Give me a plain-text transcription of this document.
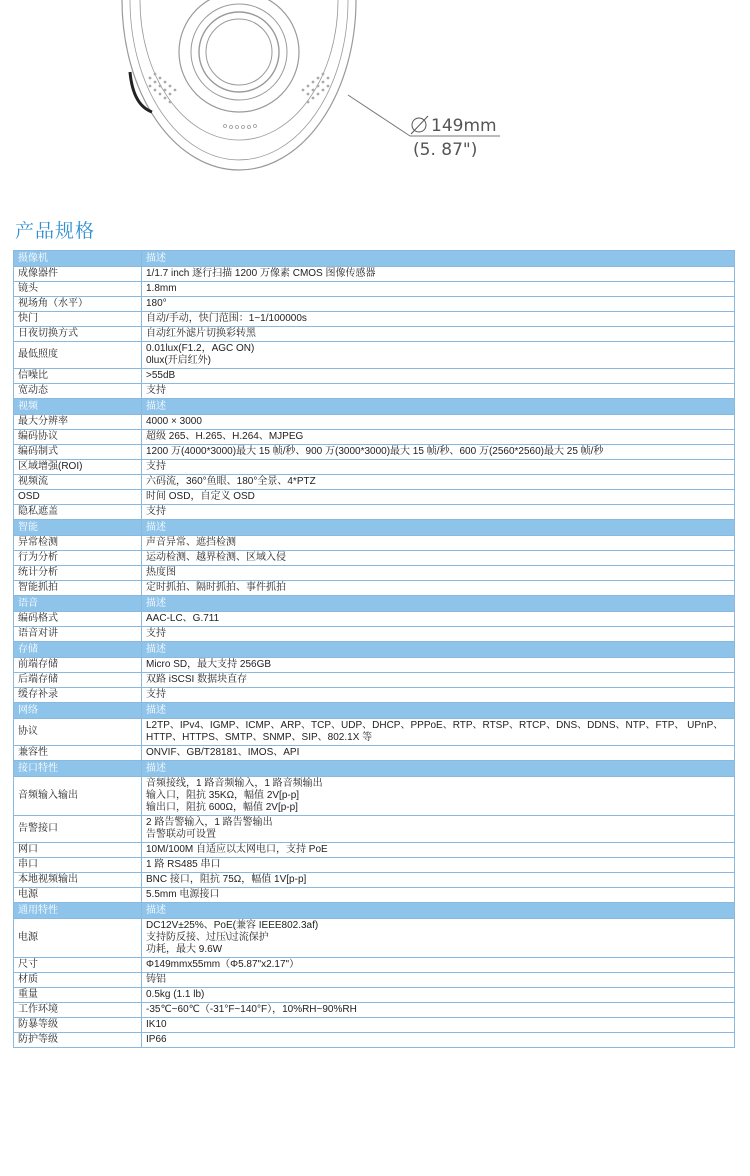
149mm
(5. 87")
产品规格
摄像机	描述
成像器件	1/1.7 inch 逐行扫描 1200 万像素 CMOS 图像传感器

镜头	1.8mm

视场角（水平）	180°

快门	自动/手动，快门范围：1~1/100000s

日夜切换方式	自动红外滤片切换彩转黑

最低照度	0.01lux(F1.2，AGC ON)
0lux(开启红外)

信噪比	>55dB

宽动态	支持

视频	描述
最大分辨率	4000 × 3000

编码协议	超级 265、H.265、H.264、MJPEG

编码制式	1200 万(4000*3000)最大 15 帧/秒、900 万(3000*3000)最大 15 帧/秒、600 万(2560*2560)最大 25 帧/秒

区域增强(ROI)	支持

视频流	六码流，360°鱼眼、180°全景、4*PTZ

OSD	时间 OSD，自定义 OSD

隐私遮盖	支持

智能	描述
异常检测	声音异常、遮挡检测

行为分析	运动检测、越界检测、区域入侵

统计分析	热度图

智能抓拍	定时抓拍、隔时抓拍、事件抓拍

语音	描述
编码格式	AAC-LC、G.711

语音对讲	支持

存储	描述
前端存储	Micro SD，最大支持 256GB

后端存储	双路 iSCSI 数据块直存

缓存补录	支持

网络	描述
协议	L2TP、IPv4、IGMP、ICMP、ARP、TCP、UDP、DHCP、PPPoE、RTP、RTSP、RTCP、DNS、DDNS、NTP、FTP、 UPnP、HTTP、HTTPS、SMTP、SNMP、SIP、802.1X 等

兼容性	ONVIF、GB/T28181、IMOS、API

接口特性	描述
音频输入输出	音频接线，1 路音频输入，1 路音频输出
输入口，阻抗 35KΩ，幅值 2V[p-p]
输出口，阻抗 600Ω，幅值 2V[p-p]

告警接口	2 路告警输入，1 路告警输出
告警联动可设置

网口	10M/100M 自适应以太网电口，支持 PoE

串口	1 路 RS485 串口

本地视频输出	BNC 接口，阻抗 75Ω，幅值 1V[p-p]

电源	5.5mm 电源接口

通用特性	描述
电源	DC12V±25%、PoE(兼容 IEEE802.3af)
支持防反接、过压\过流保护
功耗，最大 9.6W

尺寸	Φ149mmx55mm（Φ5.87"x2.17"）

材质	铸铝

重量	0.5kg (1.1 lb)

工作环境	-35℃~60℃（-31°F~140°F），10%RH~90%RH

防暴等级	IK10

防护等级	IP66
